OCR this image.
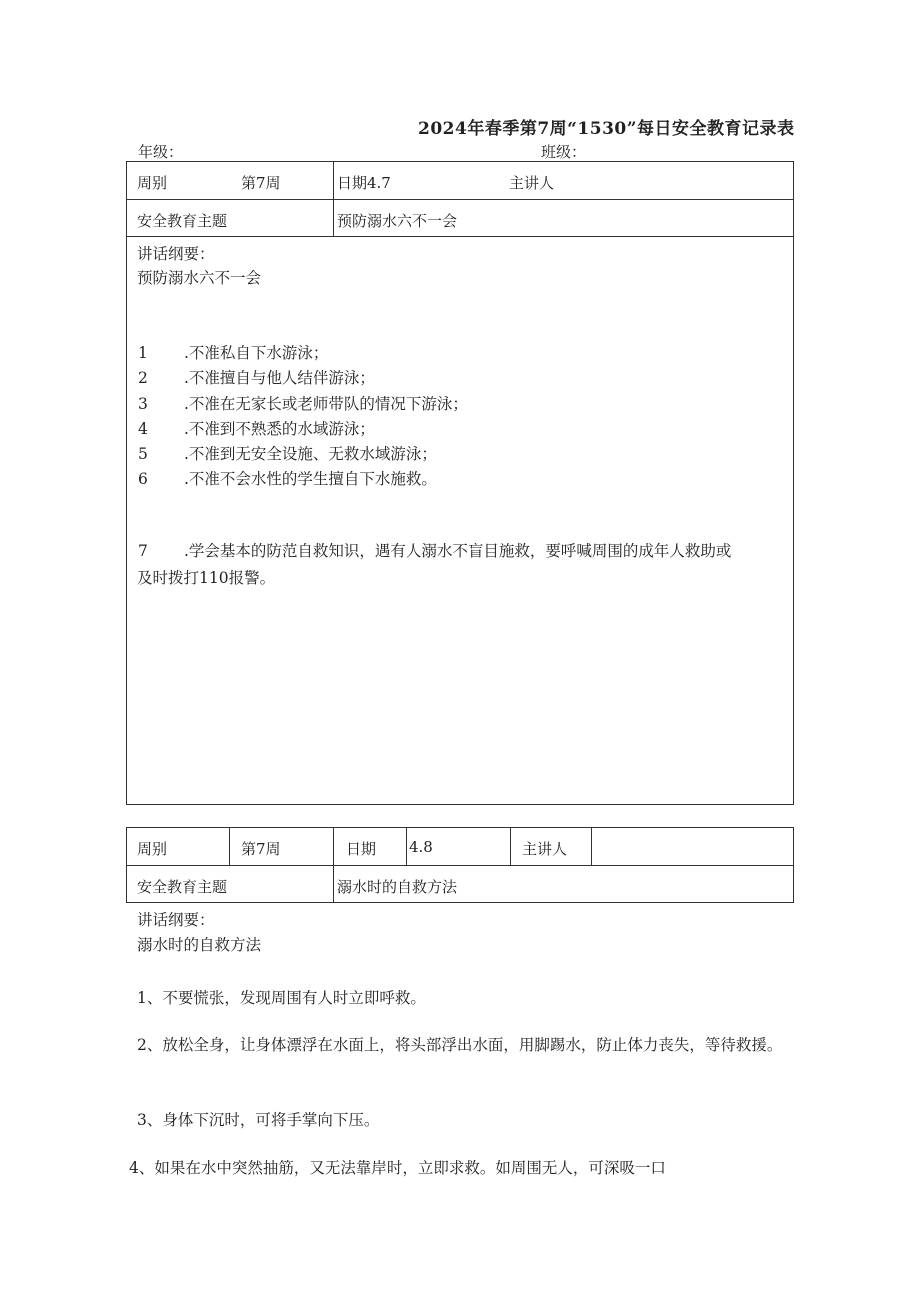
2024年春季第7周“1530”每日安全教育记录表
年级：	班级：
周别	第7周	日期4.7	主讲人
安全教育主题	预防溺水六不一会
讲话纲要：
预防溺水六不一会
1 .不准私自下水游泳；
2 .不准擅自与他人结伴游泳；
3 .不准在无家长或老师带队的情况下游泳；
4 .不准到不熟悉的水域游泳；
5 .不准到无安全设施、无救水域游泳；
6 .不准不会水性的学生擅自下水施救。
7 .学会基本的防范自救知识，遇有人溺水不盲目施救，要呼喊周围的成年人救助或
及时拨打110报警。
周别	第7周	日期 4.8	主讲人
安全教育主题	溺水时的自救方法
讲话纲要：
溺水时的自救方法
1、不要慌张，发现周围有人时立即呼救。
2、放松全身，让身体漂浮在水面上，将头部浮出水面，用脚踢水，防止体力丧失，等待救援。
3、身体下沉时，可将手掌向下压。
4、如果在水中突然抽筋，又无法靠岸时，立即求救。如周围无人，可深吸一口
